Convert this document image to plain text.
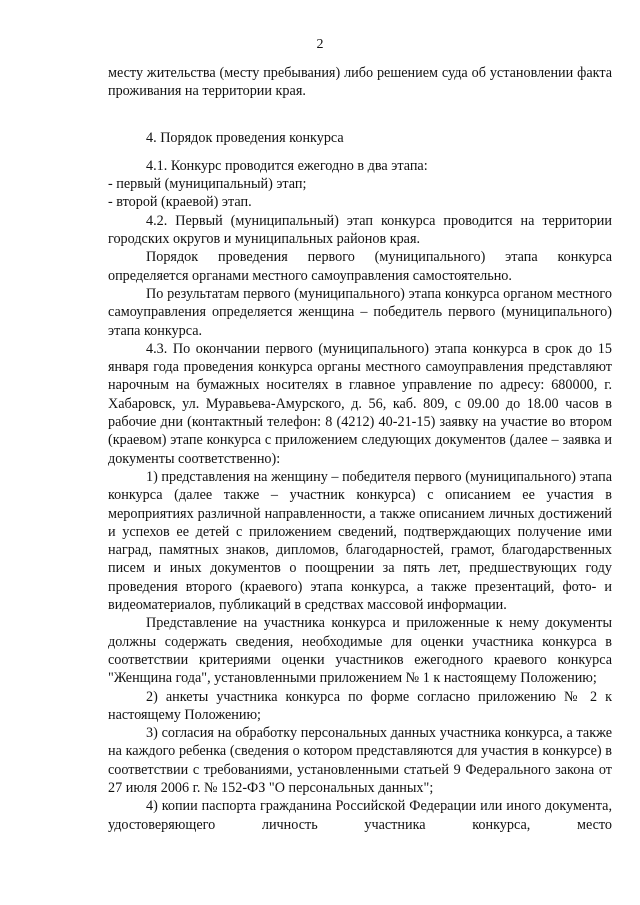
2

месту жительства (месту пребывания) либо решением суда об установлении факта проживания на территории края.

4. Порядок проведения конкурса

4.1. Конкурс проводится ежегодно в два этапа:

- первый (муниципальный) этап;

- второй (краевой) этап.

4.2. Первый (муниципальный) этап конкурса проводится на территории городских округов и муниципальных районов края.

Порядок проведения первого (муниципального) этапа конкурса определяется органами местного самоуправления самостоятельно.

По результатам первого (муниципального) этапа конкурса органом местного самоуправления определяется женщина – победитель первого (муниципального) этапа конкурса.

4.3. По окончании первого (муниципального) этапа конкурса в срок до 15 января года проведения конкурса органы местного самоуправления представляют нарочным на бумажных носителях в главное управление по адресу: 680000, г. Хабаровск, ул. Муравьева-Амурского, д. 56, каб. 809, с 09.00 до 18.00 часов в рабочие дни (контактный телефон: 8 (4212) 40-21-15) заявку на участие во втором (краевом) этапе конкурса с приложением следующих документов (далее – заявка и документы соответственно):

1) представления на женщину – победителя первого (муниципального) этапа конкурса (далее также – участник конкурса) с описанием ее участия в мероприятиях различной направленности, а также описанием личных достижений и успехов ее детей с приложением сведений, подтверждающих получение ими наград, памятных знаков, дипломов, благодарностей, грамот, благодарственных писем и иных документов о поощрении за пять лет, предшествующих году проведения второго (краевого) этапа конкурса, а также презентаций, фото- и видеоматериалов, публикаций в средствах массовой информации.

Представление на участника конкурса и приложенные к нему документы должны содержать сведения, необходимые для оценки участника конкурса в соответствии критериями оценки участников ежегодного краевого конкурса "Женщина года", установленными приложением № 1 к настоящему Положению;

2) анкеты участника конкурса по форме согласно приложению № 2 к настоящему Положению;

3) согласия на обработку персональных данных участника конкурса, а также на каждого ребенка (сведения о котором представляются для участия в конкурсе) в соответствии с требованиями, установленными статьей 9 Федерального закона от 27 июля 2006 г. № 152-ФЗ "О персональных данных";

4) копии паспорта гражданина Российской Федерации или иного документа, удостоверяющего личность участника конкурса, место
